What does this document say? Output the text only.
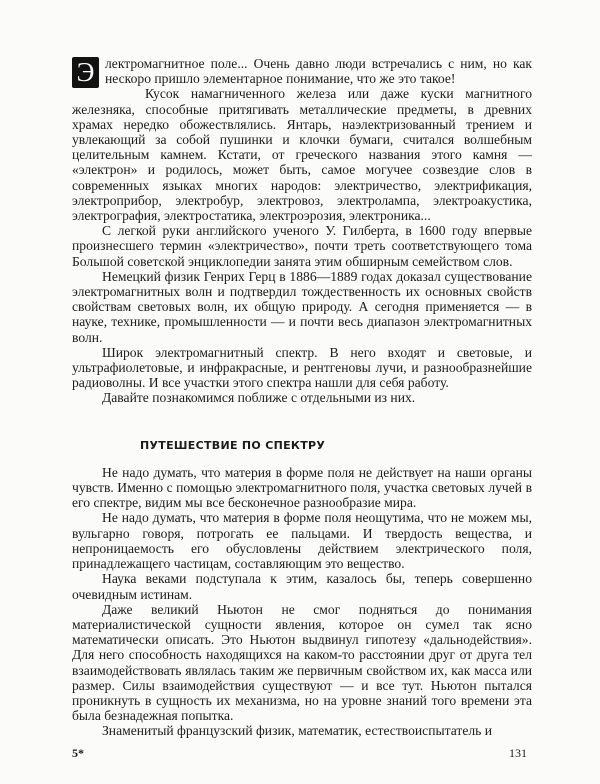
Э лектромагнитное поле... Очень давно люди встречались с ним, но как нескоро пришло элементарное понимание, что же это такое!

Кусок намагниченного железа или даже куски магнитного железняка, способные притягивать металлические предметы, в древних храмах нередко обожествлялись. Янтарь, наэлектризованный трением и увлекающий за собой пушинки и клочки бумаги, считался волшебным целительным камнем. Кстати, от греческого названия этого камня — «электрон» и родилось, может быть, самое могучее созвездие слов в современных языках многих народов: электричество, электрификация, электроприбор, электробур, электровоз, электролампа, электроакустика, электрография, электростатика, электроэрозия, электроника...

С легкой руки английского ученого У. Гилберта, в 1600 году впервые произнесшего термин «электричество», почти треть соответствующего тома Большой советской энциклопедии занята этим обширным семейством слов.

Немецкий физик Генрих Герц в 1886—1889 годах доказал существование электромагнитных волн и подтвердил тождественность их основных свойств свойствам световых волн, их общую природу. А сегодня применяется — в науке, технике, промышленности — и почти весь диапазон электромагнитных волн.

Широк электромагнитный спектр. В него входят и световые, и ультрафиолетовые, и инфракрасные, и рентгеновы лучи, и разнообразнейшие радиоволны. И все участки этого спектра нашли для себя работу.

Давайте познакомимся поближе с отдельными из них.

ПУТЕШЕСТВИЕ ПО СПЕКТРУ

Не надо думать, что материя в форме поля не действует на наши органы чувств. Именно с помощью электромагнитного поля, участка световых лучей в его спектре, видим мы все бесконечное разнообразие мира.

Не надо думать, что материя в форме поля неощутима, что не можем мы, вульгарно говоря, потрогать ее пальцами. И твердость вещества, и непроницаемость его обусловлены действием электрического поля, принадлежащего частицам, составляющим это вещество.

Наука веками подступала к этим, казалось бы, теперь совершенно очевидным истинам.

Даже великий Ньютон не смог подняться до понимания материалистической сущности явления, которое он сумел так ясно математически описать. Это Ньютон выдвинул гипотезу «дальнодействия». Для него способность находящихся на каком-то расстоянии друг от друга тел взаимодействовать являлась таким же первичным свойством их, как масса или размер. Силы взаимодействия существуют — и все тут. Ньютон пытался проникнуть в сущность их механизма, но на уровне знаний того времени эта была безнадежная попытка.

Знаменитый французский физик, математик, естествоиспытатель и

5*	131
